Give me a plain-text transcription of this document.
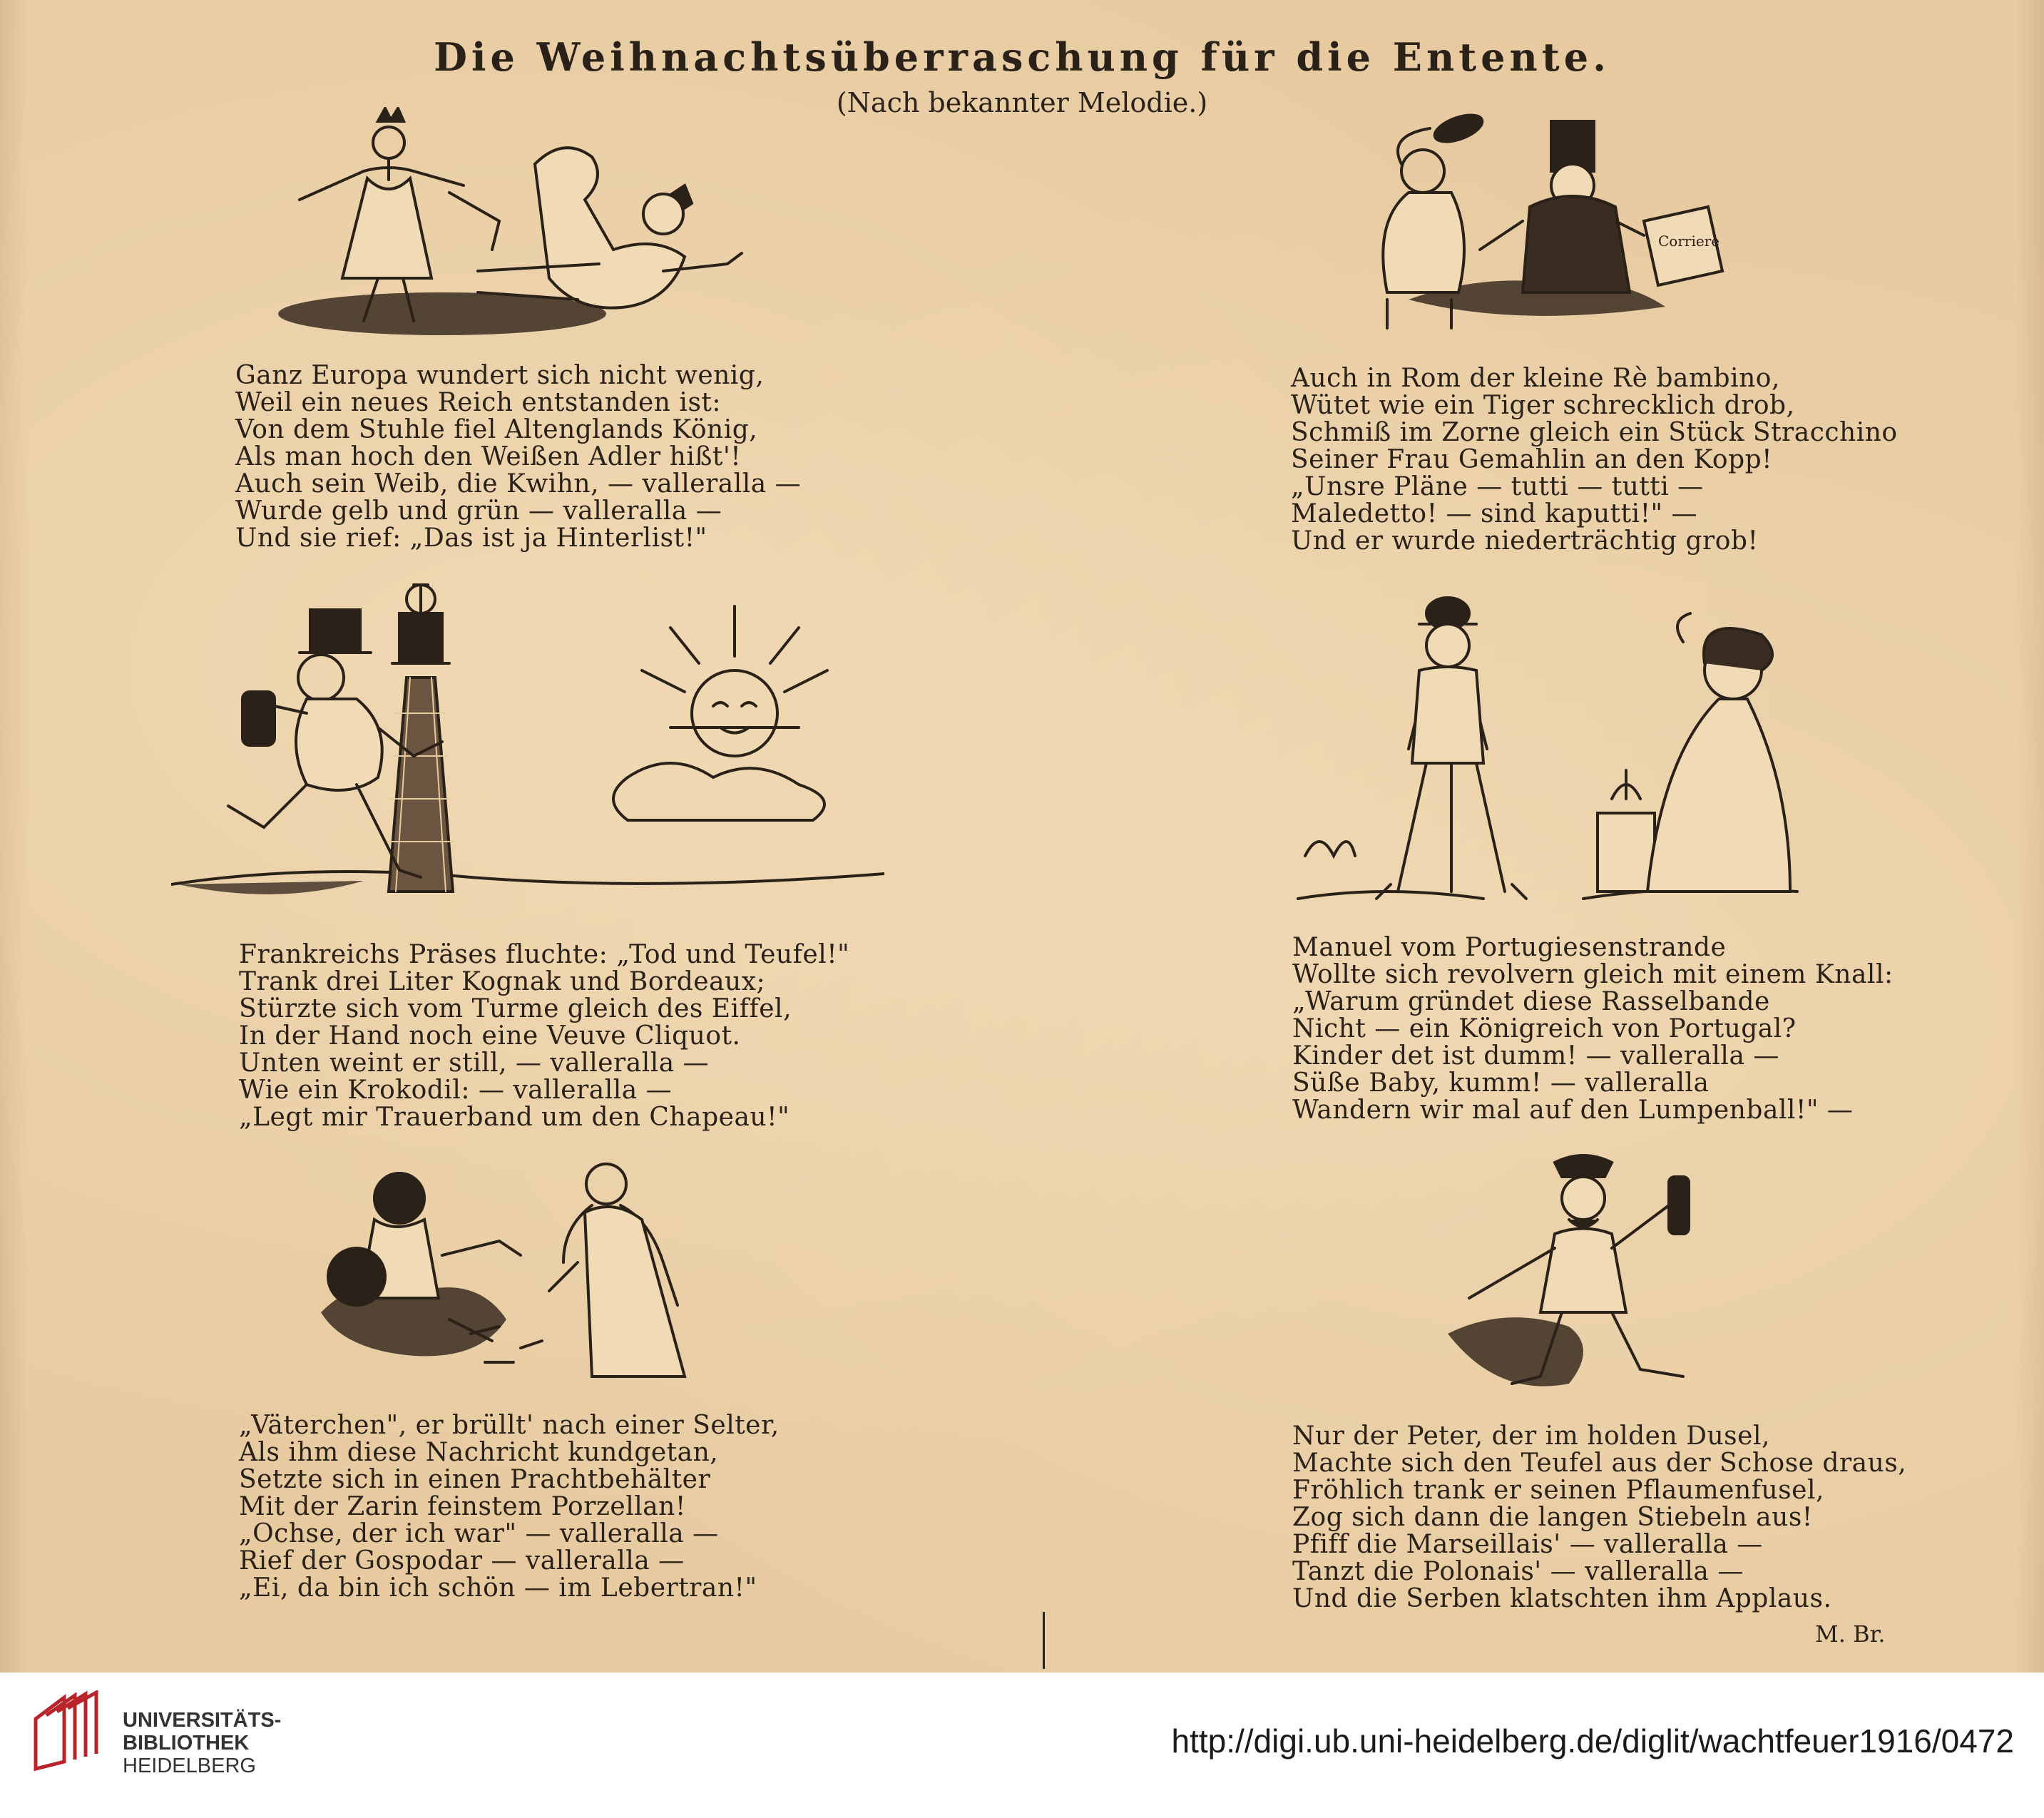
Die Weihnachtsüberraschung für die Entente.
(Nach bekannter Melodie.)
Corriere
Ganz Europa wundert sich nicht wenig,
Weil ein neues Reich entstanden ist:
Von dem Stuhle fiel Altenglands König,
Als man hoch den Weißen Adler hißt'!
Auch sein Weib, die Kwihn, — valleralla —
Wurde gelb und grün — valleralla —
Und sie rief: „Das ist ja Hinterlist!"
Frankreichs Präses fluchte: „Tod und Teufel!"
Trank drei Liter Kognak und Bordeaux;
Stürzte sich vom Turme gleich des Eiffel,
In der Hand noch eine Veuve Cliquot.
Unten weint er still, — valleralla —
Wie ein Krokodil: — valleralla —
„Legt mir Trauerband um den Chapeau!"
„Väterchen", er brüllt' nach einer Selter,
Als ihm diese Nachricht kundgetan,
Setzte sich in einen Prachtbehälter
Mit der Zarin feinstem Porzellan!
„Ochse, der ich war" — valleralla —
Rief der Gospodar — valleralla —
„Ei, da bin ich schön — im Lebertran!"
Auch in Rom der kleine Rè bambino,
Wütet wie ein Tiger schrecklich drob,
Schmiß im Zorne gleich ein Stück Stracchino
Seiner Frau Gemahlin an den Kopp!
„Unsre Pläne — tutti — tutti —
Maledetto! — sind kaputti!" —
Und er wurde niederträchtig grob!
Manuel vom Portugiesenstrande
Wollte sich revolvern gleich mit einem Knall:
„Warum gründet diese Rasselbande
Nicht — ein Königreich von Portugal?
Kinder det ist dumm! — valleralla —
Süße Baby, kumm! — valleralla
Wandern wir mal auf den Lumpenball!" —
Nur der Peter, der im holden Dusel,
Machte sich den Teufel aus der Schose draus,
Fröhlich trank er seinen Pflaumenfusel,
Zog sich dann die langen Stiebeln aus!
Pfiff die Marseillais' — valleralla —
Tanzt die Polonais' — valleralla —
Und die Serben klatschten ihm Applaus.
M. Br.
UNIVERSITÄTS-
BIBLIOTHEK
HEIDELBERG
http://digi.ub.uni-heidelberg.de/diglit/wachtfeuer1916/0472
